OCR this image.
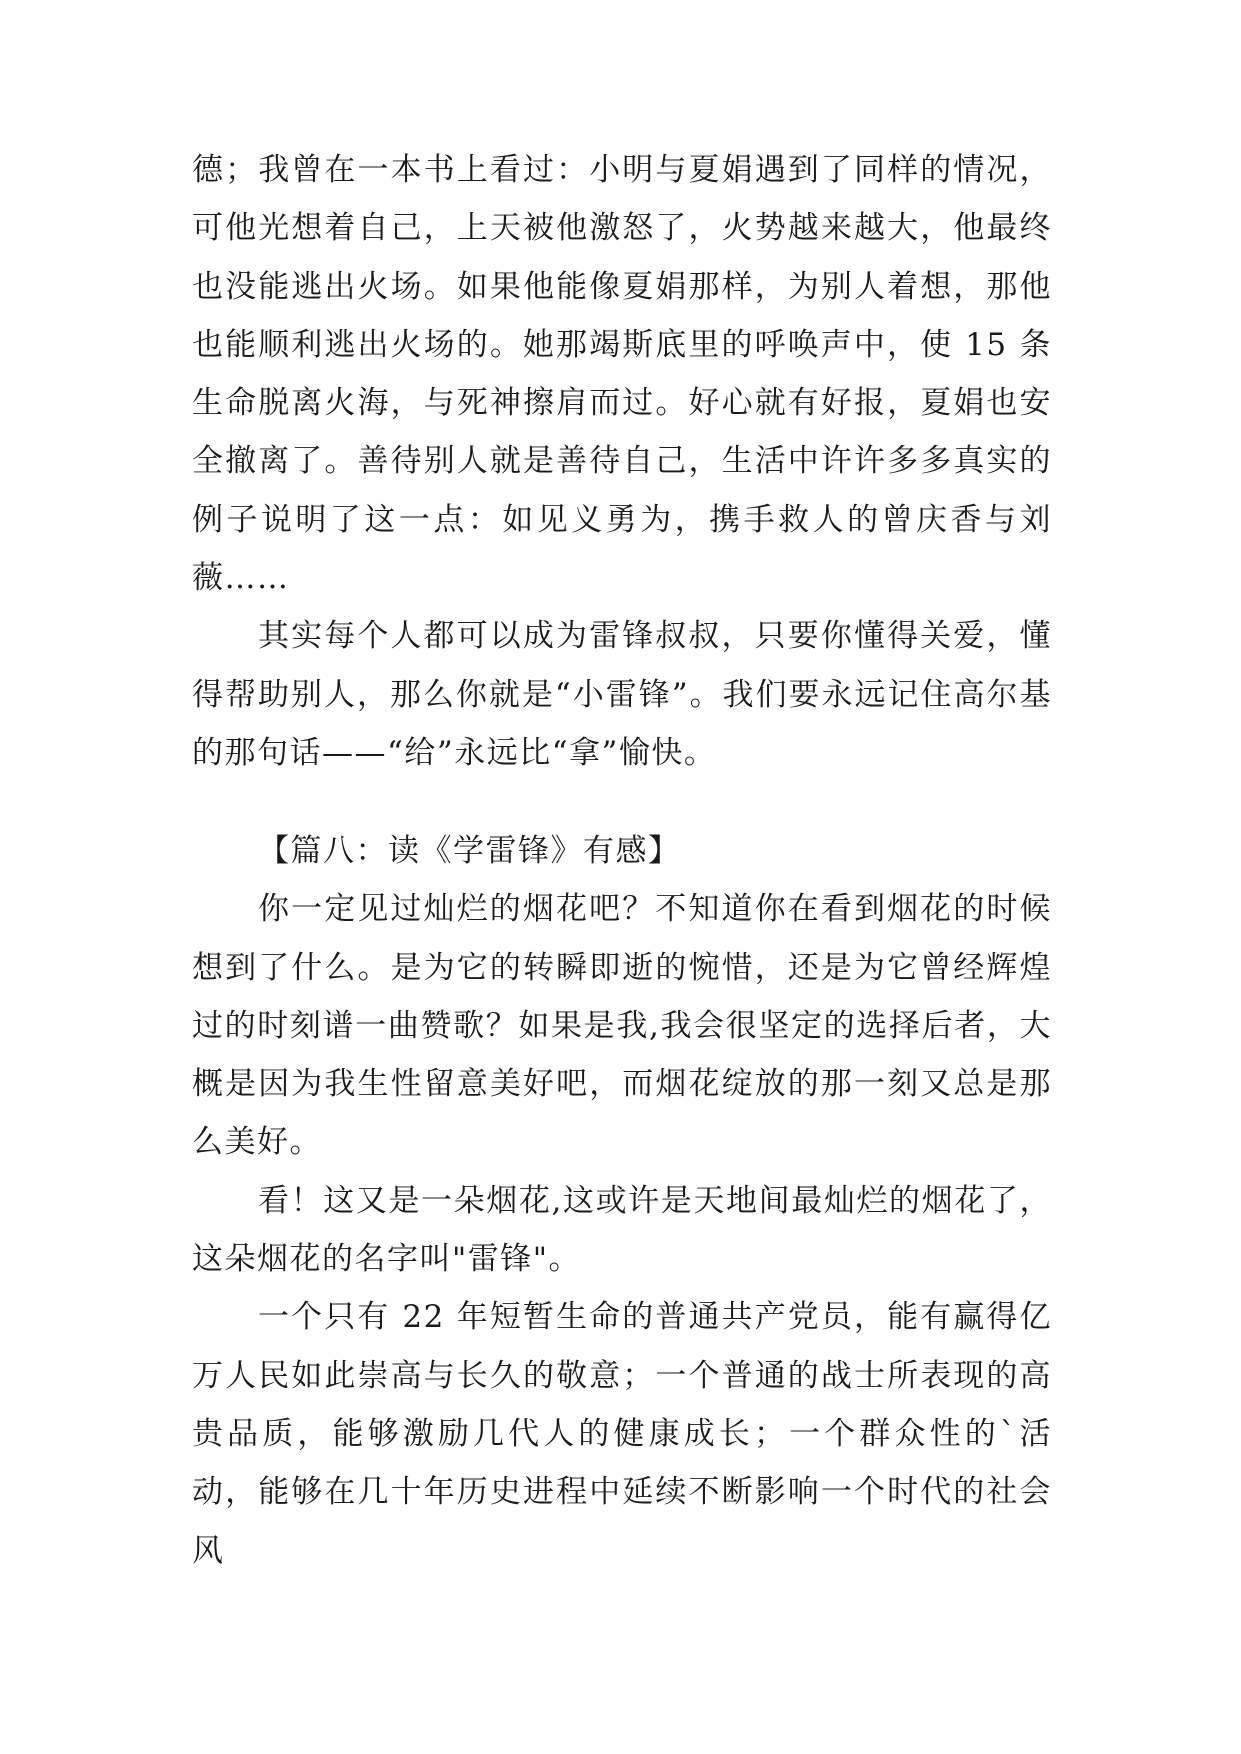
德；我曾在一本书上看过：小明与夏娟遇到了同样的情况，可他光想着自己，上天被他激怒了，火势越来越大，他最终也没能逃出火场。如果他能像夏娟那样，为别人着想，那他也能顺利逃出火场的。她那竭斯底里的呼唤声中，使 15 条生命脱离火海，与死神擦肩而过。好心就有好报，夏娟也安全撤离了。善待别人就是善待自己，生活中许许多多真实的例子说明了这一点：如见义勇为，携手救人的曾庆香与刘薇……

其实每个人都可以成为雷锋叔叔，只要你懂得关爱，懂得帮助别人，那么你就是“小雷锋”。我们要永远记住高尔基的那句话——“给”永远比“拿”愉快。

【篇八：读《学雷锋》有感】

你一定见过灿烂的烟花吧？不知道你在看到烟花的时候想到了什么。是为它的转瞬即逝的惋惜，还是为它曾经辉煌过的时刻谱一曲赞歌？如果是我,我会很坚定的选择后者，大概是因为我生性留意美好吧，而烟花绽放的那一刻又总是那么美好。

看！这又是一朵烟花,这或许是天地间最灿烂的烟花了，这朵烟花的名字叫"雷锋"。

一个只有 22 年短暂生命的普通共产党员，能有赢得亿万人民如此崇高与长久的敬意；一个普通的战士所表现的高贵品质，能够激励几代人的健康成长；一个群众性的`活动，能够在几十年历史进程中延续不断影响一个时代的社会风
